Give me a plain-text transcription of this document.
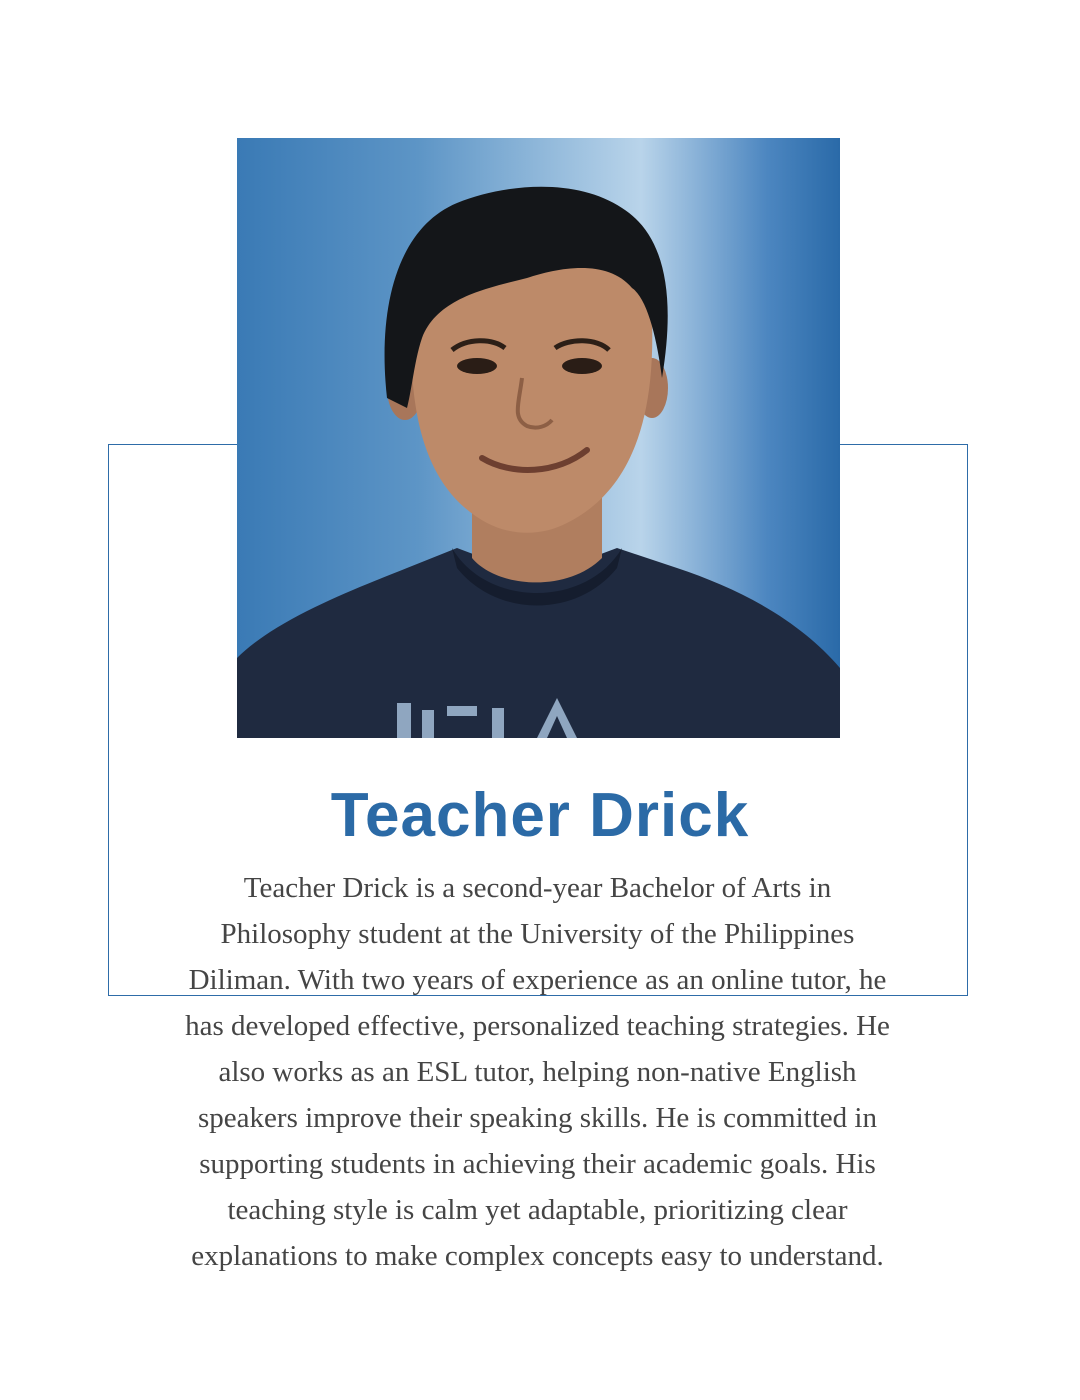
Teacher Drick

Teacher Drick is a second-year Bachelor of Arts in
Philosophy student at the University of the Philippines
Diliman. With two years of experience as an online tutor, he
has developed effective, personalized teaching strategies. He
also works as an ESL tutor, helping non-native English
speakers improve their speaking skills. He is committed in
supporting students in achieving their academic goals. His
teaching style is calm yet adaptable, prioritizing clear
explanations to make complex concepts easy to understand.
